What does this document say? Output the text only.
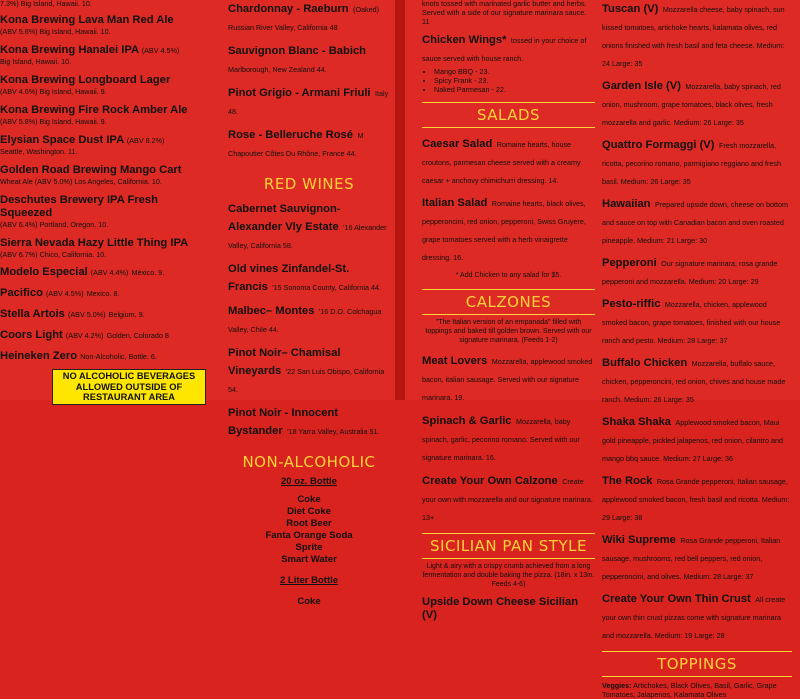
7.3%) Big Island, Hawaii. 10.
Kona Brewing Lava Man Red Ale
(ABV 5.6%) Big Island, Hawaii. 10.
Kona Brewing Hanalei IPA (ABV 4.5%)
Big Island, Hawaii. 10.
Kona Brewing Longboard Lager
(ABV 4.6%) Big Island, Hawaii. 9.
Kona Brewing Fire Rock Amber Ale
(ABV 5.8%) Big Island, Hawaii. 9.
Elysian Space Dust IPA (ABV 8.2%)
Seattle, Washington. 11.
Golden Road Brewing Mango Cart
Wheat Ale (ABV 5.0%) Los Angeles, California. 10.
Deschutes Brewery IPA Fresh Squeezed
(ABV 6.4%) Portland, Oregon. 10.
Sierra Nevada Hazy Little Thing IPA
(ABV 6.7%) Chico, California. 10.
Modelo Especial (ABV 4.4%) México. 9.
Pacifico (ABV 4.5%) Mexico. 8.
Stella Artois (ABV 5.0%) Belgium. 9.
Coors Light (ABV 4.2%) Golden, Colorado 8
Heineken Zero Non-Alcoholic, Bottle. 6.
NO ALCOHOLIC BEVERAGES ALLOWED OUTSIDE OF RESTAURANT AREA
Chardonnay - Raeburn (Oaked) Russian River Valley, California 48
Sauvignon Blanc - Babich Marlborough, New Zealand 44.
Pinot Grigio - Armani Friuli Italy 48.
Rose - Belleruche Rosé M Chapoutier Côtes Du Rhône, France 44.
RED WINES
Cabernet Sauvignon-Alexander Vly Estate '16 Alexander Valley, California 58.
Old vines Zinfandel-St. Francis '15 Sonoma County, California 44.
Malbec– Montes '16 D.O. Colchagua Valley, Chile 44.
Pinot Noir– Chamisal Vineyards '22 San Luis Obispo, California 54.
Pinot Noir - Innocent Bystander '18 Yarra Valley, Australia 51.
NON-ALCOHOLIC
20 oz. Bottle
Coke
Diet Coke
Root Beer
Fanta Orange Soda
Sprite
Smart Water
2 Liter Bottle
Coke
knots tossed with marinated garlic butter and herbs. Served with a side of our signature marinara sauce. 11
Chicken Wings* tossed in your choice of sauce served with house ranch.
• Mango BBQ - 23.
• Spicy Frank - 23.
• Naked Parmesan - 22.
SALADS
Caesar Salad Romaine hearts, house croutons, parmesan cheese served with a creamy caesar + anchovy chimichurri dressing. 14.
Italian Salad Romaine hearts, black olives, pepperoncini, red onion, pepperoni, Swiss Gruyere, grape tomatoes served with a herb vinaigrette dressing. 16.
* Add Chicken to any salad for $5.
CALZONES
"The Italian version of an empanada" filled with toppings and baked till golden brown. Served with our signature marinara. (Feeds 1-2)
Meat Lovers Mozzarella, applewood smoked bacon, italian sausage. Served with our signature marinara. 19.
Spinach & Garlic Mozzarella, baby spinach, garlic, pecorino romano. Served with our signature marinara. 16.
Create Your Own Calzone Create your own with mozzarella and our signature marinara. 13+
SICILIAN PAN STYLE
Light & airy with a crispy crumb achieved from a long fermentation and double baking the pizza. (18in. x 13in. Feeds 4-6)
Upside Down Cheese Sicilian (V)
Tuscan (V) Mozzarella cheese, baby spinach, sun kissed tomatoes, artichoke hearts, kalamata olives, red onions finished with fresh basil and feta cheese. Medium: 24 Large: 35
Garden Isle (V) Mozzarella, baby spinach, red onion, mushroom, grape tomatoes, black olives, fresh mozzarella and garlic. Medium: 26 Large: 35
Quattro Formaggi (V) Fresh mozzarella, ricotta, pecorino romano, parmigiano reggiano and fresh basil. Medium: 26 Large: 35
Hawaiian Prepared upside down, cheese on bottom and sauce on top with Canadian bacon and oven roasted pineapple. Medium: 21 Large: 30
Pepperoni Our signature marinara, rosa grande pepperoni and mozzarella. Medium: 20 Large: 29
Pesto-riffic Mozzarella, chicken, applewood smoked bacon, grape tomatoes, finished with our house ranch and pesto. Medium: 28 Large: 37
Buffalo Chicken Mozzarella, buffalo sauce, chicken, pepperoncini, red onion, chives and house made ranch. Medium: 26 Large: 35
Shaka Shaka Applewood smoked bacon, Maui gold pineapple, pickled jalapenos, red onion, cilantro and mango bbq sauce. Medium: 27 Large: 36
The Rock Rosa Grande pepperoni, Italian sausage, applewood smoked bacon, fresh basil and ricotta. Medium: 29 Large: 38
Wiki Supreme Rosa Grande pepperoni, Italian sausage, mushrooms, red bell peppers, red onion, pepperoncini, and olives. Medium: 28 Large: 37
Create Your Own Thin Crust All create your own thin crust pizzas come with signature marinara and mozzarella. Medium: 19 Large: 28
TOPPINGS
Veggies: Artichokes, Black Olives, Basil, Garlic, Grape Tomatoes, Jalapenos, Kalamata Olives
